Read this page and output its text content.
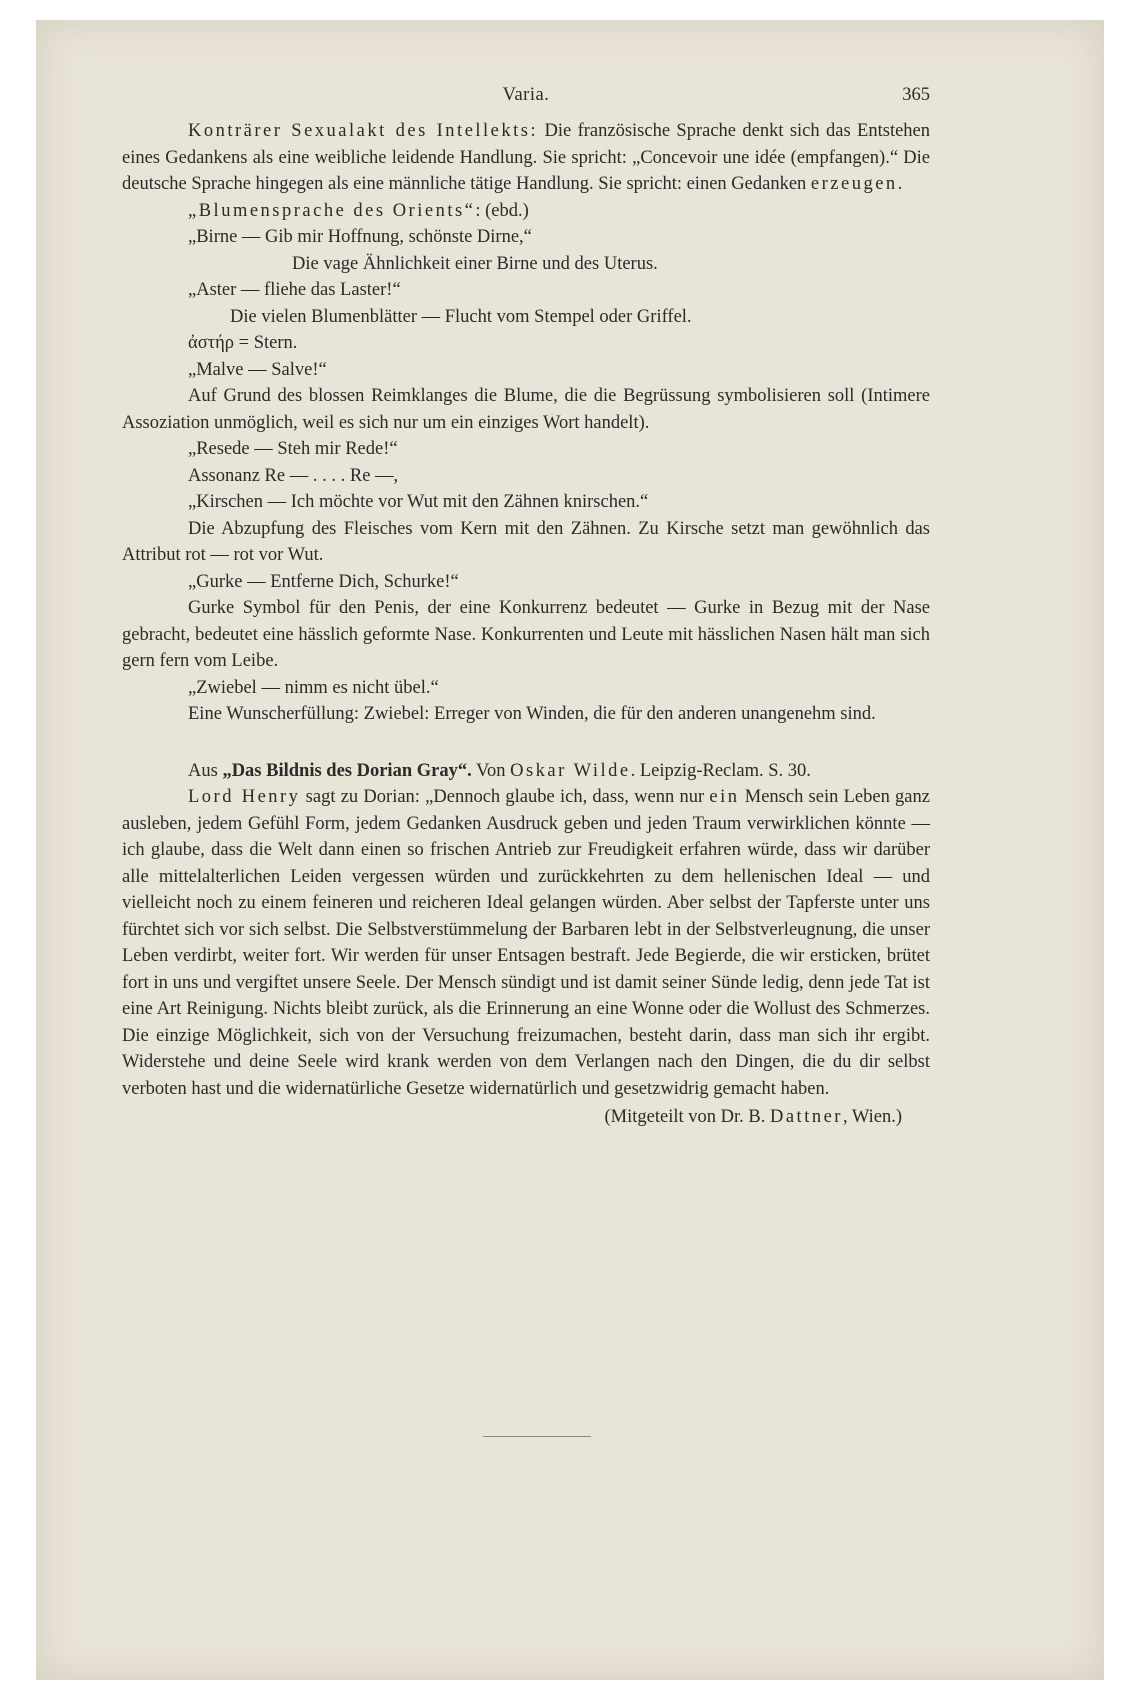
Varia.	365

Konträrer Sexualakt des Intellekts: Die französische Sprache denkt sich das Entstehen eines Gedankens als eine weibliche leidende Handlung. Sie spricht: „Concevoir une idée (empfangen).“ Die deutsche Sprache hingegen als eine männliche tätige Handlung. Sie spricht: einen Gedanken erzeugen.

„Blumensprache des Orients“: (ebd.)

„Birne — Gib mir Hoffnung, schönste Dirne,“

Die vage Ähnlichkeit einer Birne und des Uterus.

„Aster — fliehe das Laster!“

Die vielen Blumenblätter — Flucht vom Stempel oder Griffel.

ἀστήρ = Stern.

„Malve — Salve!“

Auf Grund des blossen Reimklanges die Blume, die die Begrüssung symbolisieren soll (Intimere Assoziation unmöglich, weil es sich nur um ein einziges Wort handelt).

„Resede — Steh mir Rede!“

Assonanz Re — . . . . Re —,

„Kirschen — Ich möchte vor Wut mit den Zähnen knirschen.“

Die Abzupfung des Fleisches vom Kern mit den Zähnen. Zu Kirsche setzt man gewöhnlich das Attribut rot — rot vor Wut.

„Gurke — Entferne Dich, Schurke!“

Gurke Symbol für den Penis, der eine Konkurrenz bedeutet — Gurke in Bezug mit der Nase gebracht, bedeutet eine hässlich geformte Nase. Konkurrenten und Leute mit hässlichen Nasen hält man sich gern fern vom Leibe.

„Zwiebel — nimm es nicht übel.“

Eine Wunscherfüllung: Zwiebel: Erreger von Winden, die für den anderen unangenehm sind.

Aus „Das Bildnis des Dorian Gray“. Von Oskar Wilde. Leipzig-Reclam. S. 30.

Lord Henry sagt zu Dorian: „Dennoch glaube ich, dass, wenn nur ein Mensch sein Leben ganz ausleben, jedem Gefühl Form, jedem Gedanken Ausdruck geben und jeden Traum verwirklichen könnte — ich glaube, dass die Welt dann einen so frischen Antrieb zur Freudigkeit erfahren würde, dass wir darüber alle mittelalterlichen Leiden vergessen würden und zurückkehrten zu dem hellenischen Ideal — und vielleicht noch zu einem feineren und reicheren Ideal gelangen würden. Aber selbst der Tapferste unter uns fürchtet sich vor sich selbst. Die Selbstverstümmelung der Barbaren lebt in der Selbstverleugnung, die unser Leben verdirbt, weiter fort. Wir werden für unser Entsagen bestraft. Jede Begierde, die wir ersticken, brütet fort in uns und vergiftet unsere Seele. Der Mensch sündigt und ist damit seiner Sünde ledig, denn jede Tat ist eine Art Reinigung. Nichts bleibt zurück, als die Erinnerung an eine Wonne oder die Wollust des Schmerzes. Die einzige Möglichkeit, sich von der Versuchung freizumachen, besteht darin, dass man sich ihr ergibt. Widerstehe und deine Seele wird krank werden von dem Verlangen nach den Dingen, die du dir selbst verboten hast und die widernatürliche Gesetze widernatürlich und gesetzwidrig gemacht haben.

(Mitgeteilt von Dr. B. Dattner, Wien.)
